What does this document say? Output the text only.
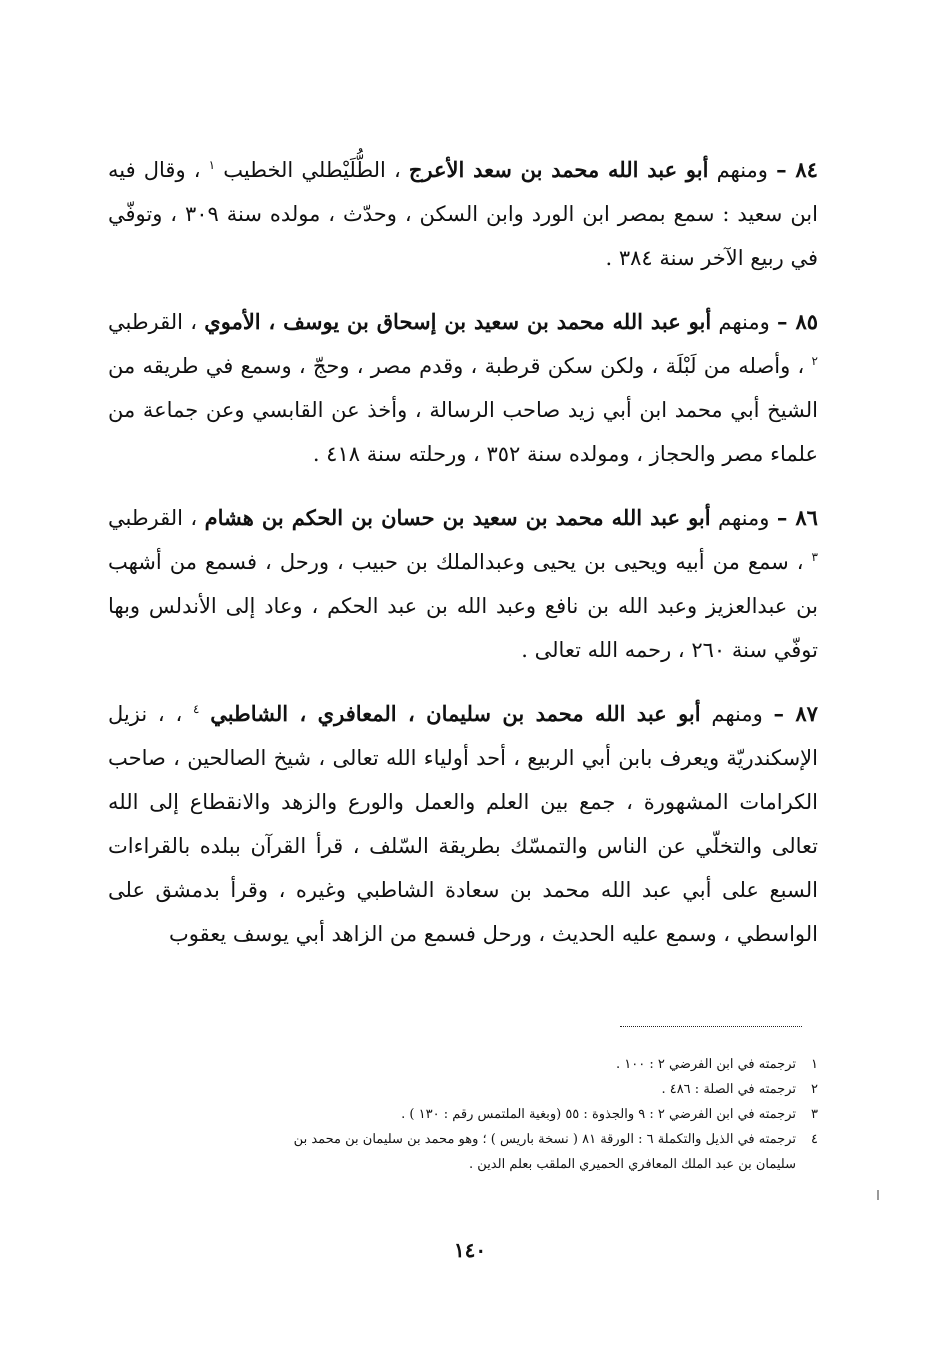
٨٤ – ومنهم أبو عبد الله محمد بن سعد الأعرج ، الطُّلَيْطلي الخطيب $^١$ ، وقال فيه ابن سعيد : سمع بمصر ابن الورد وابن السكن ، وحدّث ، مولده سنة ٣٠٩ ، وتوفّي في ربيع الآخر سنة ٣٨٤ .

٨٥ – ومنهم أبو عبد الله محمد بن سعيد بن إسحاق بن يوسف ، الأموي ، القرطبي $^٢$ ، وأصله من لَبْلَة ، ولكن سكن قرطبة ، وقدم مصر ، وحجّ ، وسمع في طريقه من الشيخ أبي محمد ابن أبي زيد صاحب الرسالة ، وأخذ عن القابسي وعن جماعة من علماء مصر والحجاز ، ومولده سنة ٣٥٢ ، ورحلته سنة ٤١٨ .

٨٦ – ومنهم أبو عبد الله محمد بن سعيد بن حسان بن الحكم بن هشام ، القرطبي $^٣$ ، سمع من أبيه ويحيى بن يحيى وعبدالملك بن حبيب ، ورحل ، فسمع من أشهب بن عبدالعزيز وعبد الله بن نافع وعبد الله بن عبد الحكم ، وعاد إلى الأندلس وبها توفّي سنة ٢٦٠ ، رحمه الله تعالى .

٨٧ – ومنهم أبو عبد الله محمد بن سليمان ، المعافري ، الشاطبي $^٤$ ، ، نزيل الإسكندريّة ويعرف بابن أبي الربيع ، أحد أولياء الله تعالى ، شيخ الصالحين ، صاحب الكرامات المشهورة ، جمع بين العلم والعمل والورع والزهد والانقطاع إلى الله تعالى والتخلّي عن الناس والتمسّك بطريقة السّلف ، قرأ القرآن ببلده بالقراءات السبع على أبي عبد الله محمد بن سعادة الشاطبي وغيره ، وقرأ بدمشق على الواسطي ، وسمع عليه الحديث ، ورحل فسمع من الزاهد أبي يوسف يعقوب

١ترجمته في ابن الفرضي ٢ : ١٠٠ .

٢ترجمته في الصلة : ٤٨٦ .

٣ترجمته في ابن الفرضي ٢ : ٩ والجذوة : ٥٥ (وبغية الملتمس رقم : ١٣٠ ) .

٤ترجمته في الذيل والتكملة ٦ : الورقة ٨١ ( نسخة باريس ) ؛ وهو محمد بن سليمان بن محمد بن

سليمان بن عبد الملك المعافري الحميري الملقب بعلم الدين .

١٤٠
